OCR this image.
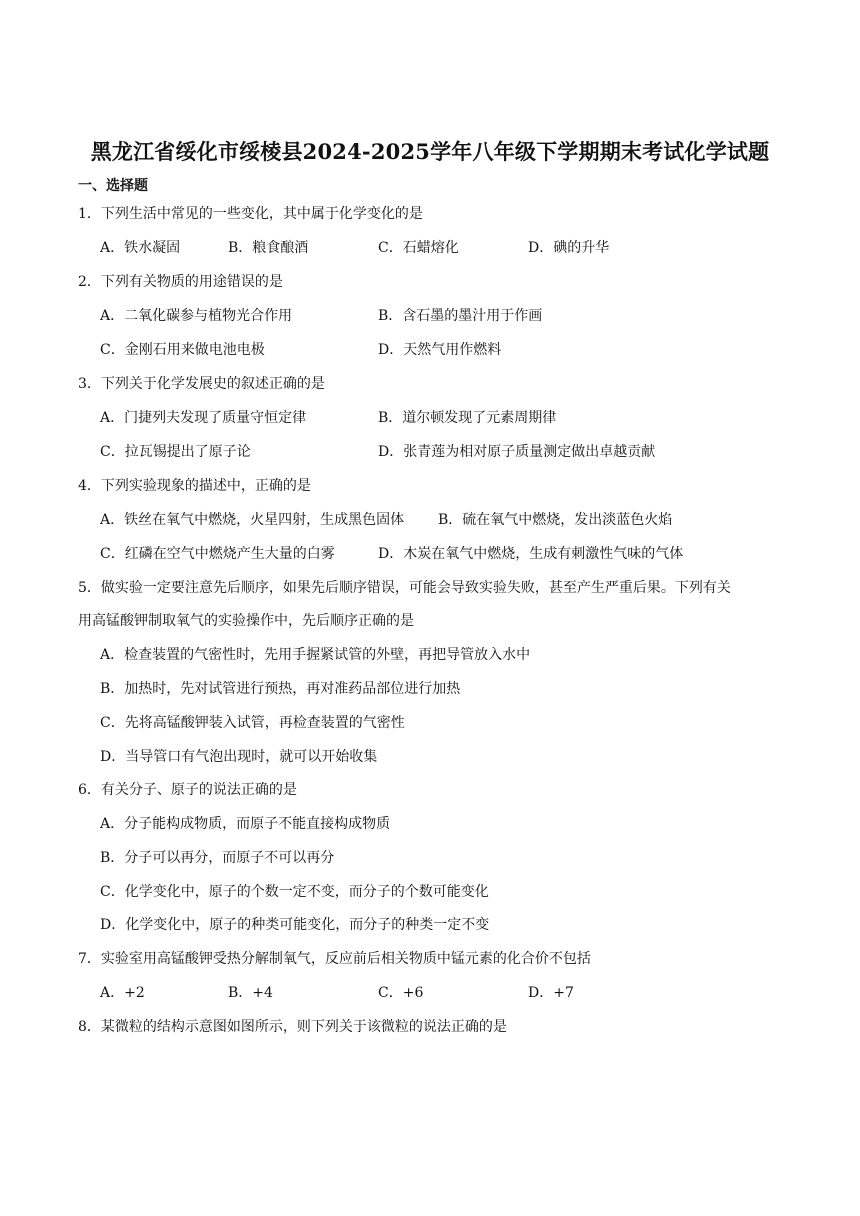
黑龙江省绥化市绥棱县2024-2025学年八年级下学期期末考试化学试题
一、选择题
1．下列生活中常见的一些变化，其中属于化学变化的是
A．铁水凝固	B．粮食酿酒	C．石蜡熔化	D．碘的升华
2．下列有关物质的用途错误的是
A．二氧化碳参与植物光合作用	B．含石墨的墨汁用于作画
C．金刚石用来做电池电极	D．天然气用作燃料
3．下列关于化学发展史的叙述正确的是
A．门捷列夫发现了质量守恒定律	B．道尔顿发现了元素周期律
C．拉瓦锡提出了原子论	D．张青莲为相对原子质量测定做出卓越贡献
4．下列实验现象的描述中，正确的是
A．铁丝在氧气中燃烧，火星四射，生成黑色固体 B．硫在氧气中燃烧，发出淡蓝色火焰
C．红磷在空气中燃烧产生大量的白雾	D．木炭在氧气中燃烧，生成有刺激性气味的气体
5．做实验一定要注意先后顺序，如果先后顺序错误，可能会导致实验失败，甚至产生严重后果。下列有关
用高锰酸钾制取氧气的实验操作中，先后顺序正确的是
A．检查装置的气密性时，先用手握紧试管的外壁，再把导管放入水中
B．加热时，先对试管进行预热，再对准药品部位进行加热
C．先将高锰酸钾装入试管，再检查装置的气密性
D．当导管口有气泡出现时，就可以开始收集
6．有关分子、原子的说法正确的是
A．分子能构成物质，而原子不能直接构成物质
B．分子可以再分，而原子不可以再分
C．化学变化中，原子的个数一定不变，而分子的个数可能变化
D．化学变化中，原子的种类可能变化，而分子的种类一定不变
7．实验室用高锰酸钾受热分解制氧气，反应前后相关物质中锰元素的化合价不包括
A．+2	B．+4	C．+6	D．+7
8．某微粒的结构示意图如图所示，则下列关于该微粒的说法正确的是
